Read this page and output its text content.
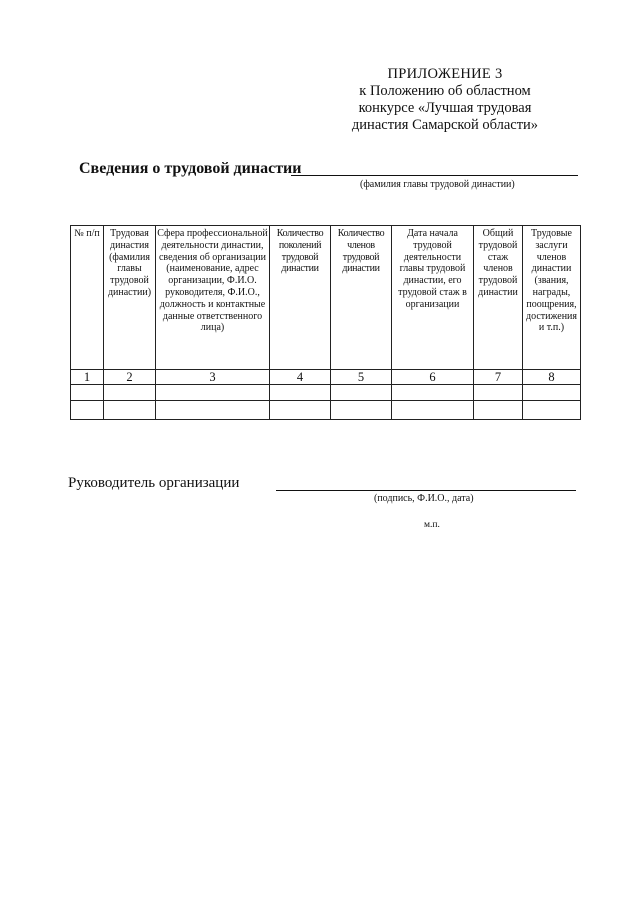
ПРИЛОЖЕНИЕ 3
к Положению об областном
конкурсе «Лучшая трудовая
династия Самарской области»
Сведения о трудовой династии
(фамилия главы трудовой династии)
№ п/п	Трудовая династия (фамилия главы трудовой династии)	Сфера профессиональной деятельности династии, сведения об организации (наименование, адрес организации, Ф.И.О. руководителя, Ф.И.О., должность и контактные данные ответственного лица)	Количество поколений трудовой династии	Количество членов трудовой династии	Дата начала трудовой деятельности главы трудовой династии, его трудовой стаж в организации	Общий трудовой стаж членов трудовой династии	Трудовые заслуги членов династии (звания, награды, поощрения, достижения и т.п.)
1	2	3	4	5	6	7	8

Руководитель организации
(подпись, Ф.И.О., дата)
м.п.
